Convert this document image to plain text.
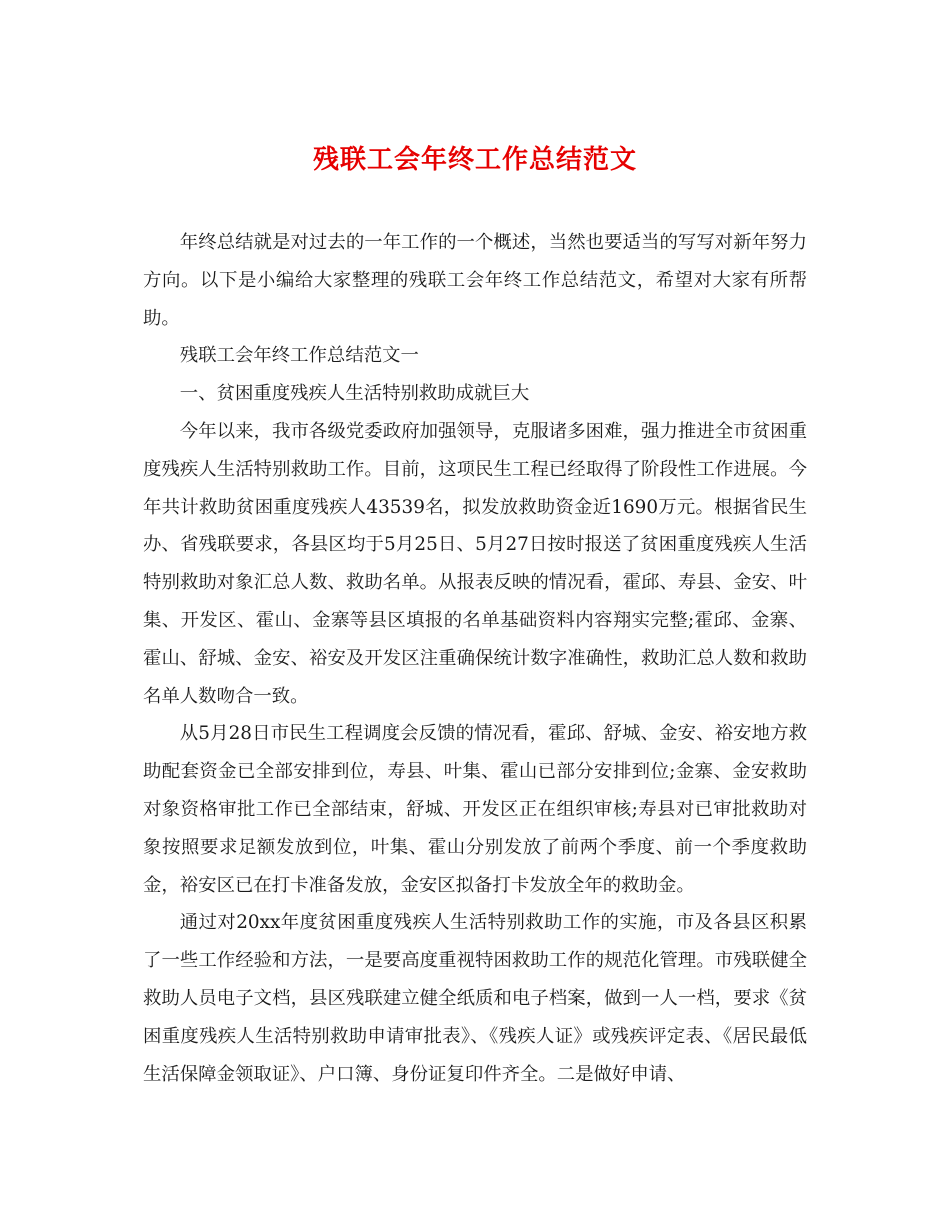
残联工会年终工作总结范文

年终总结就是对过去的一年工作的一个概述，当然也要适当的写写对新年努力方向。以下是小编给大家整理的残联工会年终工作总结范文，希望对大家有所帮助。

残联工会年终工作总结范文一

一、贫困重度残疾人生活特别救助成就巨大

今年以来，我市各级党委政府加强领导，克服诸多困难，强力推进全市贫困重度残疾人生活特别救助工作。目前，这项民生工程已经取得了阶段性工作进展。今年共计救助贫困重度残疾人43539名，拟发放救助资金近1690万元。根据省民生办、省残联要求，各县区均于5月25日、5月27日按时报送了贫困重度残疾人生活特别救助对象汇总人数、救助名单。从报表反映的情况看，霍邱、寿县、金安、叶集、开发区、霍山、金寨等县区填报的名单基础资料内容翔实完整;霍邱、金寨、霍山、舒城、金安、裕安及开发区注重确保统计数字准确性，救助汇总人数和救助名单人数吻合一致。

从5月28日市民生工程调度会反馈的情况看，霍邱、舒城、金安、裕安地方救助配套资金已全部安排到位，寿县、叶集、霍山已部分安排到位;金寨、金安救助对象资格审批工作已全部结束，舒城、开发区正在组织审核;寿县对已审批救助对象按照要求足额发放到位，叶集、霍山分别发放了前两个季度、前一个季度救助金，裕安区已在打卡准备发放，金安区拟备打卡发放全年的救助金。

通过对20xx年度贫困重度残疾人生活特别救助工作的实施，市及各县区积累了一些工作经验和方法，一是要高度重视特困救助工作的规范化管理。市残联健全救助人员电子文档，县区残联建立健全纸质和电子档案，做到一人一档，要求《贫困重度残疾人生活特别救助申请审批表》、《残疾人证》或残疾评定表、《居民最低生活保障金领取证》、户口簿、身份证复印件齐全。二是做好申请、
